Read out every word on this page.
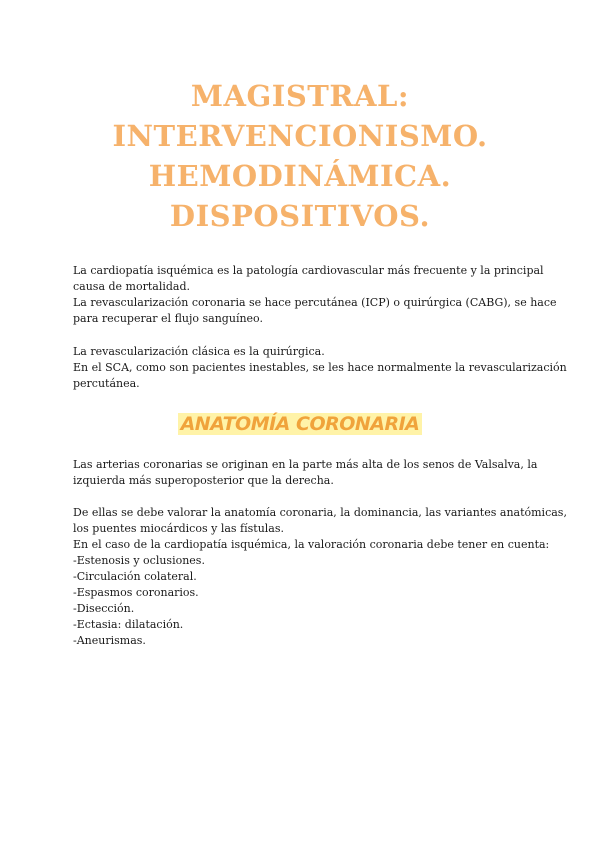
MAGISTRAL:
INTERVENCIONISMO.
HEMODINÁMICA.
DISPOSITIVOS.
La cardiopatía isquémica es la patología cardiovascular más frecuente y la principal
causa de mortalidad.
La revascularización coronaria se hace percutánea (ICP) o quirúrgica (CABG), se hace
para recuperar el flujo sanguíneo.
La revascularización clásica es la quirúrgica.
En el SCA, como son pacientes inestables, se les hace normalmente la revascularización
percutánea.
ANATOMÍA CORONARIA
Las arterias coronarias se originan en la parte más alta de los senos de Valsalva, la
izquierda más superoposterior que la derecha.
De ellas se debe valorar la anatomía coronaria, la dominancia, las variantes anatómicas,
los puentes miocárdicos y las fístulas.
En el caso de la cardiopatía isquémica, la valoración coronaria debe tener en cuenta:
-Estenosis y oclusiones.
-Circulación colateral.
-Espasmos coronarios.
-Disección.
-Ectasia: dilatación.
-Aneurismas.
